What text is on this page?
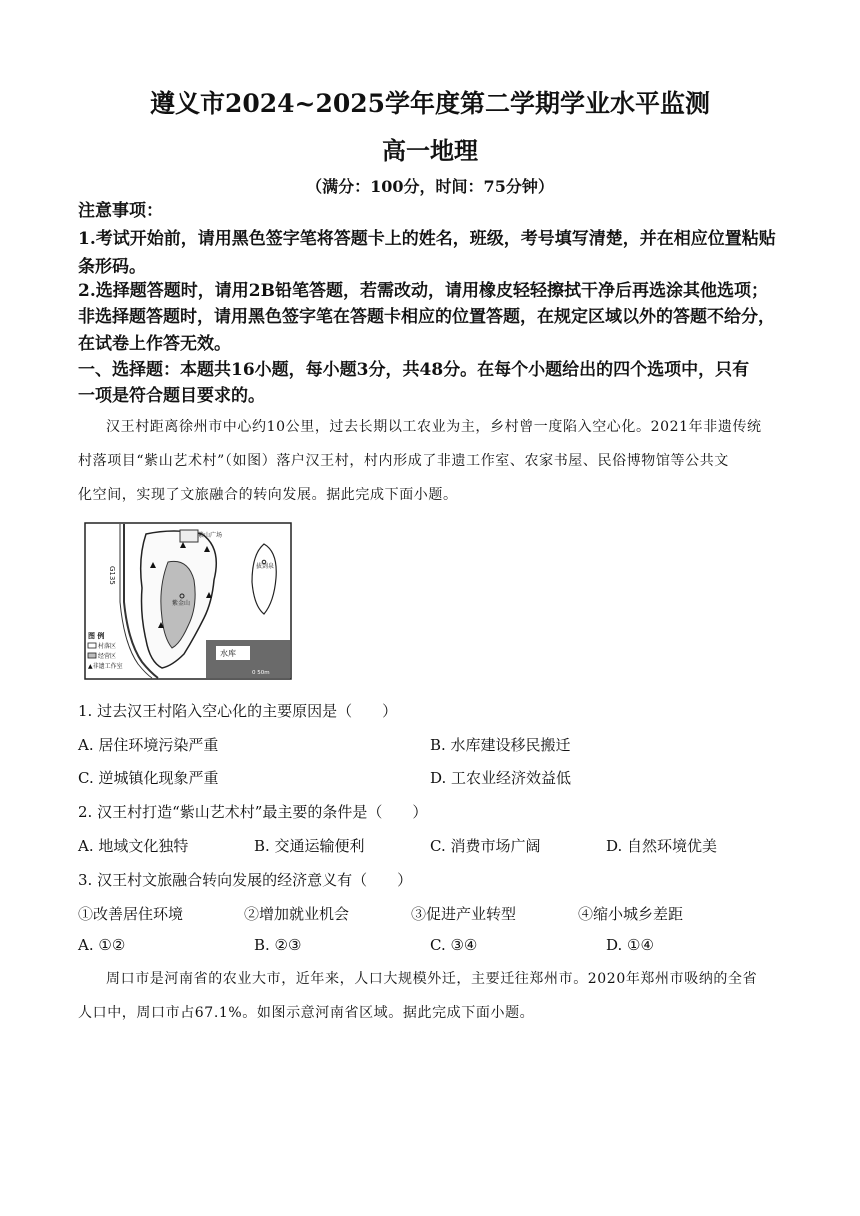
遵义市2024~2025学年度第二学期学业水平监测
高一地理
（满分：100分，时间：75分钟）
注意事项：
1.考试开始前，请用黑色签字笔将答题卡上的姓名，班级，考号填写清楚，并在相应位置粘贴
条形码。
2.选择题答题时，请用2B铅笔答题，若需改动，请用橡皮轻轻擦拭干净后再选涂其他选项；
非选择题答题时，请用黑色签字笔在答题卡相应的位置答题，在规定区域以外的答题不给分，
在试卷上作答无效。
一、选择题：本题共16小题，每小题3分，共48分。在每个小题给出的四个选项中，只有
一项是符合题目要求的。
汉王村距离徐州市中心约10公里，过去长期以工农业为主，乡村曾一度陷入空心化。2021年非遗传统
村落项目“紫山艺术村”（如图）落户汉王村，村内形成了非遗工作室、农家书屋、民俗博物馆等公共文
化空间，实现了文旅融合的转向发展。据此完成下面小题。
G135
紫山广场
紫金山
拔剑泉
水库
0 50m
图 例
村落区
经营区
▲非遗工作室
1. 过去汉王村陷入空心化的主要原因是（　　）
A. 居住环境污染严重	B. 水库建设移民搬迁
C. 逆城镇化现象严重	D. 工农业经济效益低
2. 汉王村打造“紫山艺术村”最主要的条件是（　　）
A. 地域文化独特	B. 交通运输便利	C. 消费市场广阔	D. 自然环境优美
3. 汉王村文旅融合转向发展的经济意义有（　　）
①改善居住环境	②增加就业机会	③促进产业转型	④缩小城乡差距
A. ①②	B. ②③	C. ③④	D. ①④
周口市是河南省的农业大市，近年来，人口大规模外迁，主要迁往郑州市。2020年郑州市吸纳的全省
人口中，周口市占67.1%。如图示意河南省区域。据此完成下面小题。
